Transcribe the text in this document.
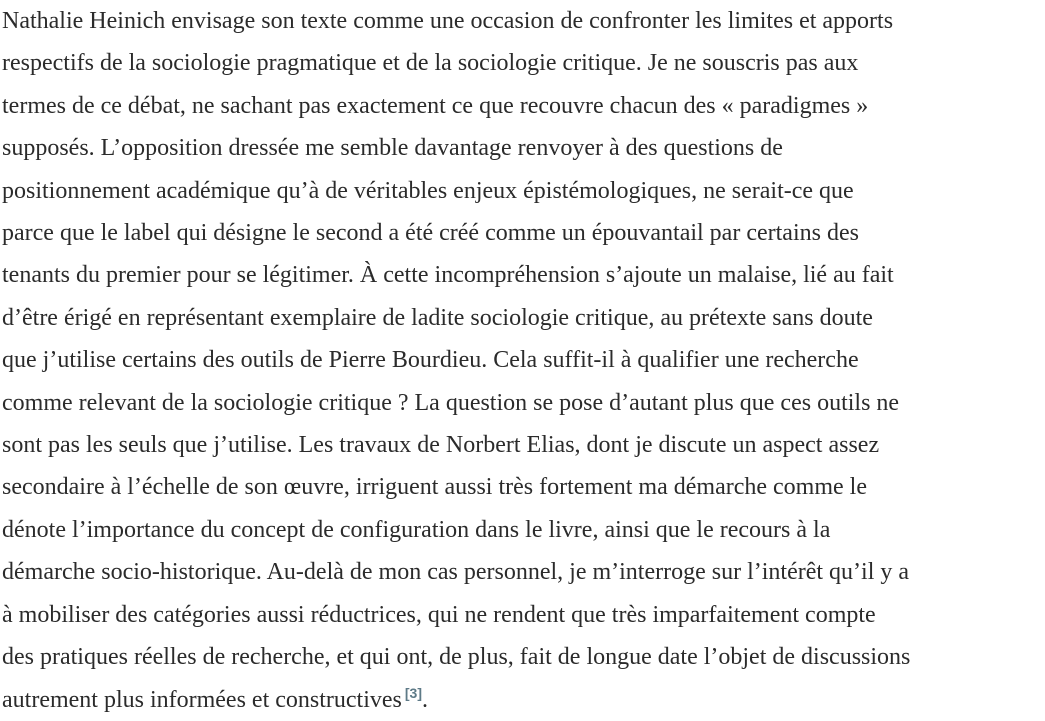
Nathalie Heinich envisage son texte comme une occasion de confronter les limites et apports
respectifs de la sociologie pragmatique et de la sociologie critique. Je ne souscris pas aux
termes de ce débat, ne sachant pas exactement ce que recouvre chacun des « paradigmes »
supposés. L’opposition dressée me semble davantage renvoyer à des questions de
positionnement académique qu’à de véritables enjeux épistémologiques, ne serait-ce que
parce que le label qui désigne le second a été créé comme un épouvantail par certains des
tenants du premier pour se légitimer. À cette incompréhension s’ajoute un malaise, lié au fait
d’être érigé en représentant exemplaire de ladite sociologie critique, au prétexte sans doute
que j’utilise certains des outils de Pierre Bourdieu. Cela suffit-il à qualifier une recherche
comme relevant de la sociologie critique ? La question se pose d’autant plus que ces outils ne
sont pas les seuls que j’utilise. Les travaux de Norbert Elias, dont je discute un aspect assez
secondaire à l’échelle de son œuvre, irriguent aussi très fortement ma démarche comme le
dénote l’importance du concept de configuration dans le livre, ainsi que le recours à la
démarche socio-historique. Au-delà de mon cas personnel, je m’interroge sur l’intérêt qu’il y a
à mobiliser des catégories aussi réductrices, qui ne rendent que très imparfaitement compte
des pratiques réelles de recherche, et qui ont, de plus, fait de longue date l’objet de discussions
autrement plus informées et constructives [3].
